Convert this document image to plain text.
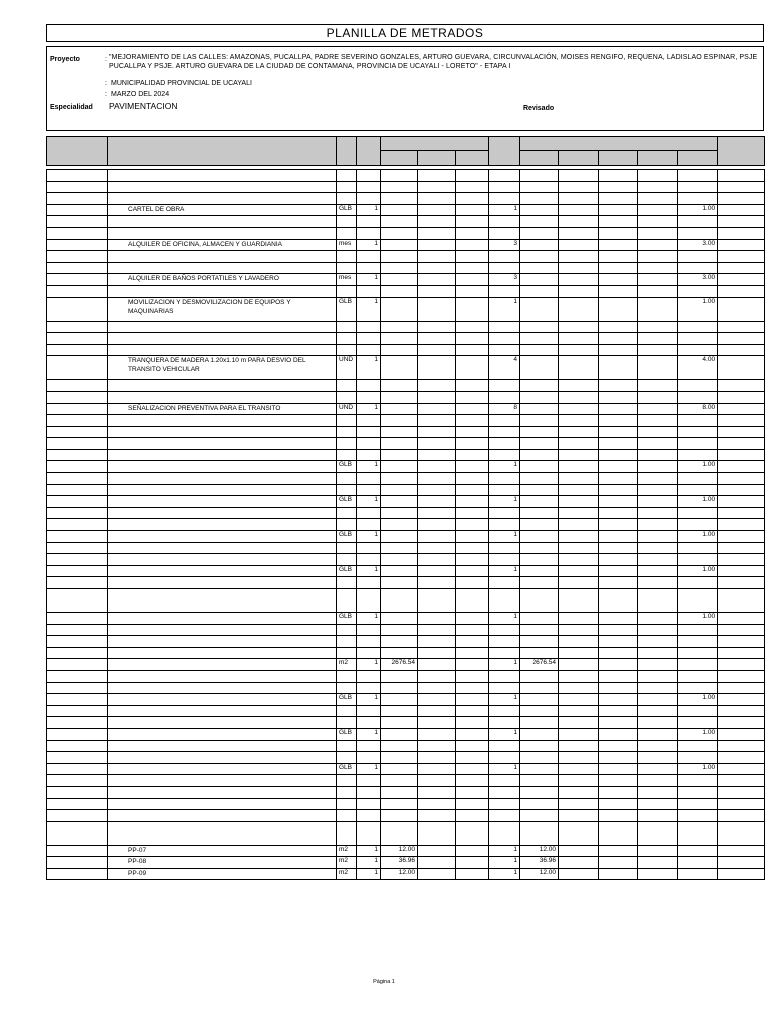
PLANILLA DE METRADOS
Proyecto	: "MEJORAMIENTO DE LAS CALLES: AMAZONAS, PUCALLPA, PADRE SEVERINO GONZALES, ARTURO GUEVARA, CIRCUNVALACIÓN, MOISES RENGIFO, REQUENA, LADISLAO ESPINAR, PSJE PUCALLPA Y PSJE. ARTURO GUEVARA DE LA CIUDAD DE CONTAMANA, PROVINCIA DE UCAYALI - LORETO" - ETAPA I
: MUNICIPALIDAD PROVINCIAL DE UCAYALI
: MARZO DEL 2024
Especialidad PAVIMENTACION	Revisado

	CARTEL DE OBRA	GLB	1				1					1.00	

	ALQUILER DE OFICINA, ALMACEN Y GUARDIANIA	mes	1				3					3.00	

	ALQUILER DE BAÑOS PORTATILES Y LAVADERO	mes	1				3					3.00	

	MOVILIZACION Y DESMOVILIZACION DE EQUIPOS Y MAQUINARIAS	GLB	1				1					1.00	

	TRANQUERA DE MADERA 1.20x1.10 m PARA DESVIO DEL TRANSITO VEHICULAR	UND	1				4					4.00	

	SEÑALIZACION PREVENTIVA PARA EL TRANSITO	UND	1				8					8.00	

		GLB	1				1					1.00	

		GLB	1				1					1.00	

		GLB	1				1					1.00	

		GLB	1				1					1.00	

		GLB	1				1					1.00	

		m2	1	2676.54			1	2676.54					

		GLB	1				1					1.00	

		GLB	1				1					1.00	

		GLB	1				1					1.00	

	PP-07	m2	1	12.00			1	12.00					
	PP-08	m2	1	36.96			1	36.96					
	PP-09	m2	1	12.00			1	12.00					
Página 1
